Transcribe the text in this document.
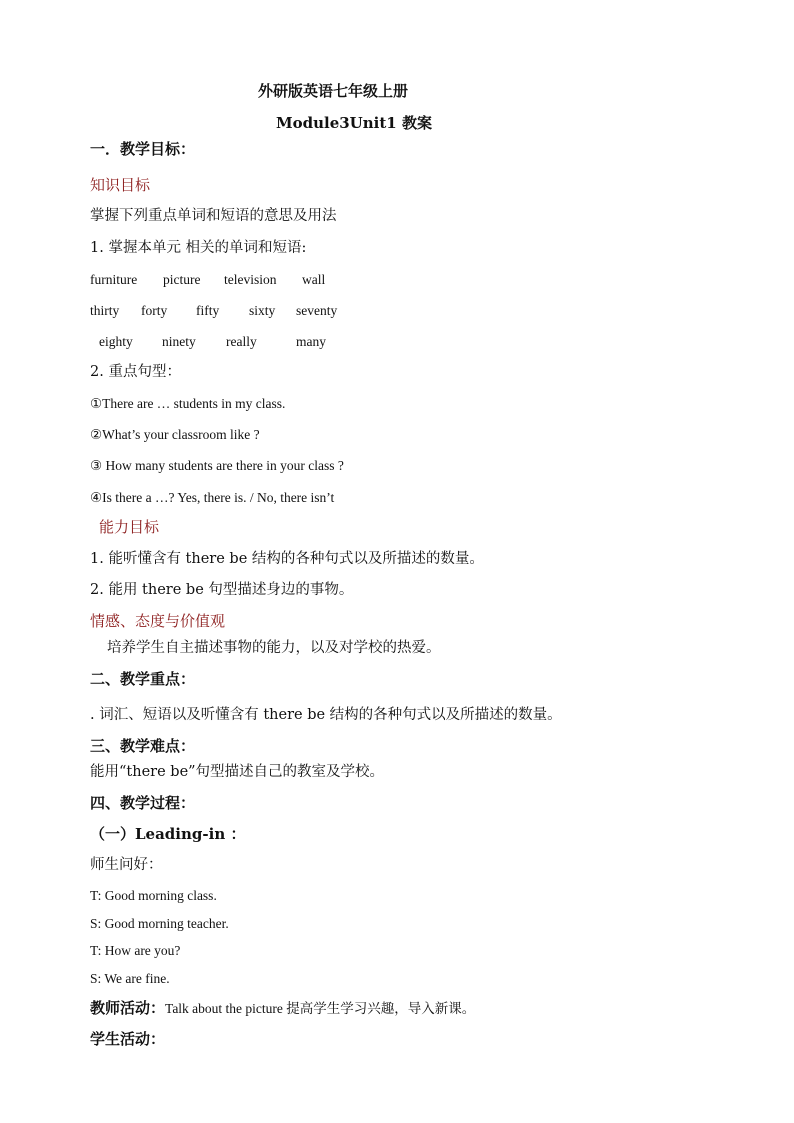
外研版英语七年级上册
Module3Unit1 教案
一．教学目标：
知识目标
掌握下列重点单词和短语的意思及用法
1. 掌握本单元 相关的单词和短语:
furniture picture television wall
thirty forty fifty sixty seventy
eighty ninety really	many
2. 重点句型：
①There are … students in my class.
②What’s your classroom like ?
③ How many students are there in your class ?
④Is there a …? Yes, there is. / No, there isn’t
能力目标
1. 能听懂含有 there be 结构的各种句式以及所描述的数量。
2. 能用 there be 句型描述身边的事物。
情感、态度与价值观
培养学生自主描述事物的能力，以及对学校的热爱。
二、教学重点：
. 词汇、短语以及听懂含有 there be 结构的各种句式以及所描述的数量。
三、教学难点：
能用“there be”句型描述自己的教室及学校。
四、教学过程：
（一）Leading-in ：
师生问好：
T: Good morning class.
S: Good morning teacher.
T: How are you?
S: We are fine.
教师活动：Talk about the picture 提高学生学习兴趣，导入新课。
学生活动：
